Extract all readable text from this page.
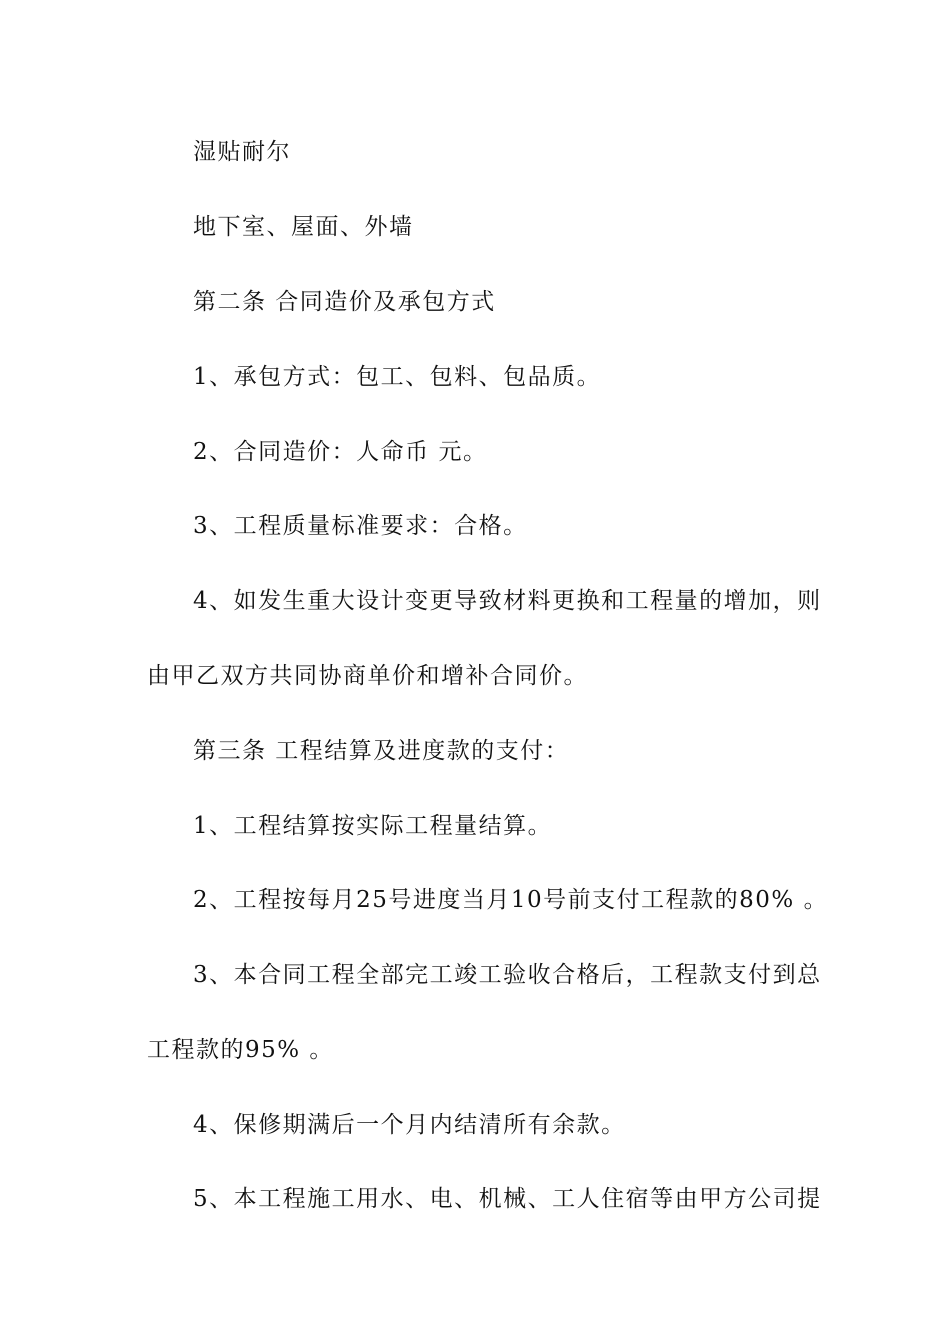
湿贴耐尔
地下室、屋面、外墙
第二条 合同造价及承包方式
1、承包方式：包工、包料、包品质。
2、合同造价：人命币 元。
3、工程质量标准要求：合格。
4、如发生重大设计变更导致材料更换和工程量的增加，则
由甲乙双方共同协商单价和增补合同价。
第三条 工程结算及进度款的支付：
1、工程结算按实际工程量结算。
2、工程按每月25号进度当月10号前支付工程款的80% 。
3、本合同工程全部完工竣工验收合格后，工程款支付到总
工程款的95% 。
4、保修期满后一个月内结清所有余款。
5、本工程施工用水、电、机械、工人住宿等由甲方公司提
